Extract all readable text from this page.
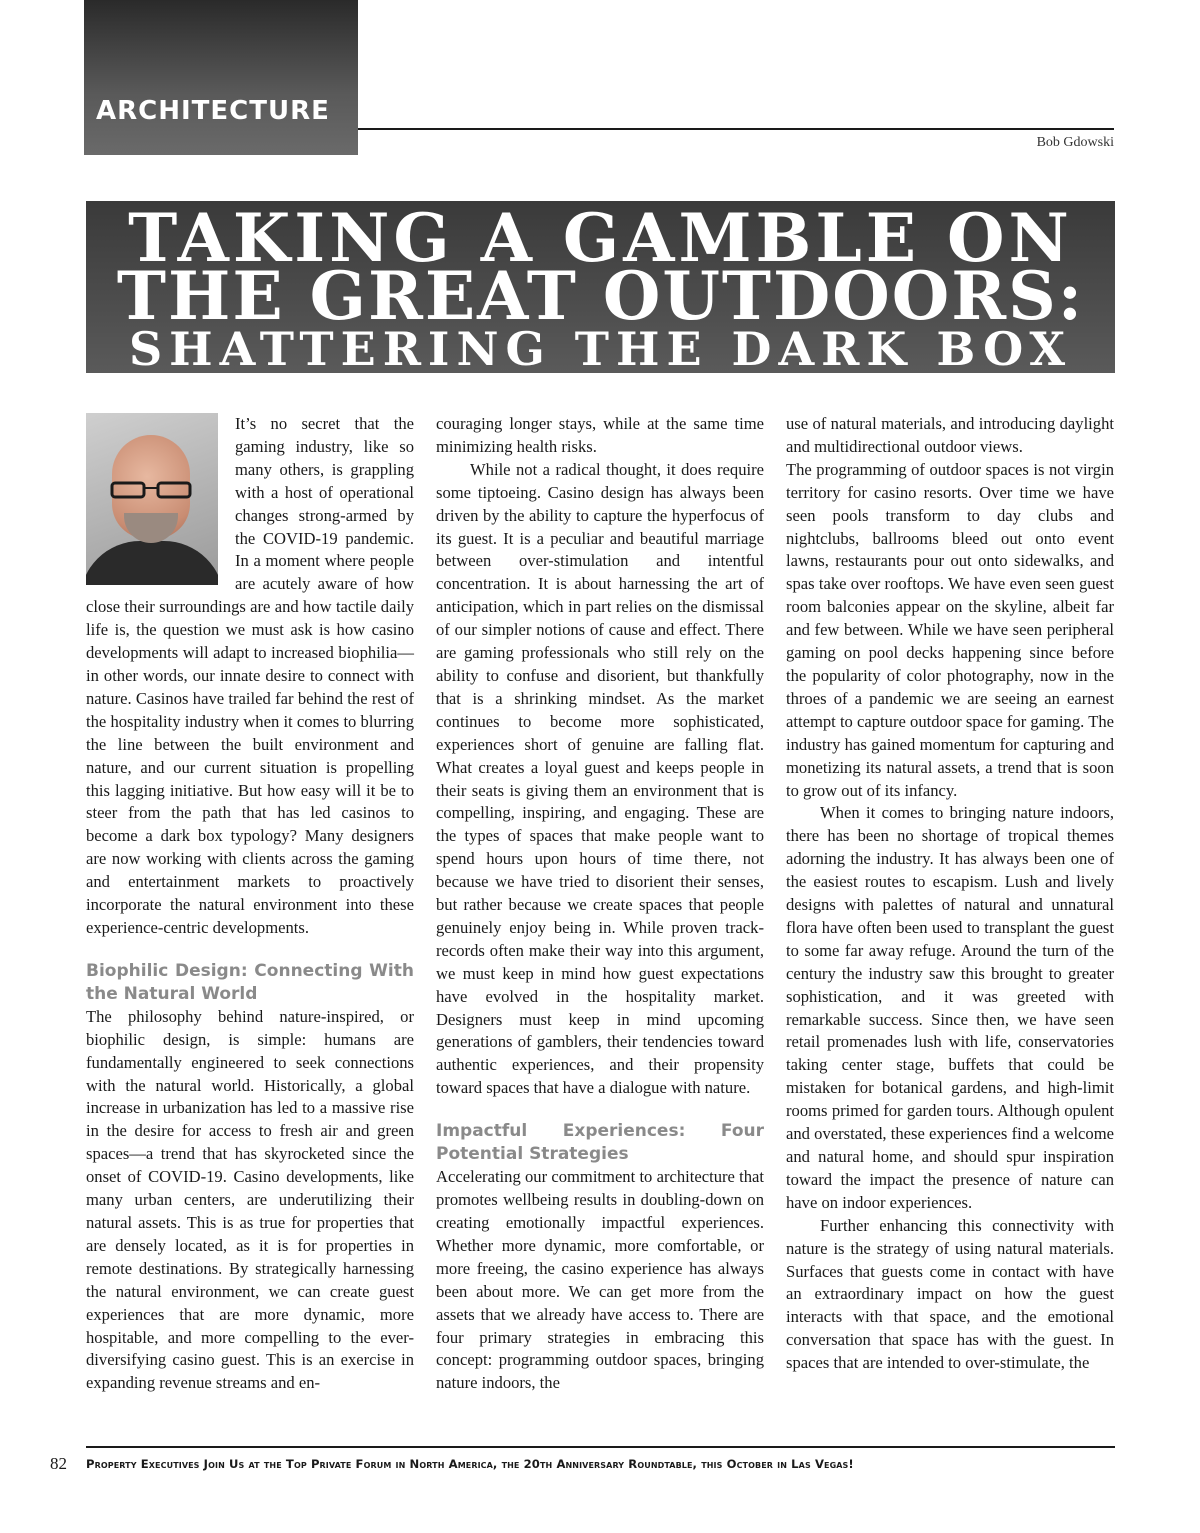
ARCHITECTURE
Bob Gdowski
TAKING A GAMBLE ON
THE GREAT OUTDOORS:
SHATTERING THE DARK BOX

It’s no secret that the gaming industry, like so many others, is grappling with a host of operational changes strong-armed by the COVID-19 pandemic. In a moment where people are acutely aware of how close their surroundings are and how tactile daily life is, the question we must ask is how casino developments will adapt to increased biophilia—in other words, our innate desire to connect with nature. Casinos have trailed far behind the rest of the hospitality industry when it comes to blurring the line between the built environment and nature, and our current situation is propelling this lagging initiative. But how easy will it be to steer from the path that has led casinos to become a dark box typology? Many designers are now working with clients across the gaming and entertainment markets to proactively incorporate the natural environment into these experience-centric developments.

Biophilic Design: Connecting With the Natural World

The philosophy behind nature-inspired, or biophilic design, is simple: humans are fundamentally engineered to seek connections with the natural world. Historically, a global increase in urbanization has led to a massive rise in the desire for access to fresh air and green spaces—a trend that has skyrocketed since the onset of COVID-19. Casino developments, like many urban centers, are underutilizing their natural assets. This is as true for properties that are densely located, as it is for properties in remote destinations. By strategically harnessing the natural environment, we can create guest experiences that are more dynamic, more hospitable, and more compelling to the ever-diversifying casino guest. This is an exercise in expanding revenue streams and en-

couraging longer stays, while at the same time minimizing health risks.

While not a radical thought, it does require some tiptoeing. Casino design has always been driven by the ability to capture the hyperfocus of its guest. It is a peculiar and beautiful marriage between over-stimulation and intentful concentration. It is about harnessing the art of anticipation, which in part relies on the dismissal of our simpler notions of cause and effect. There are gaming professionals who still rely on the ability to confuse and disorient, but thankfully that is a shrinking mindset. As the market continues to become more sophisticated, experiences short of genuine are falling flat. What creates a loyal guest and keeps people in their seats is giving them an environment that is compelling, inspiring, and engaging. These are the types of spaces that make people want to spend hours upon hours of time there, not because we have tried to disorient their senses, but rather because we create spaces that people genuinely enjoy being in. While proven track-records often make their way into this argument, we must keep in mind how guest expectations have evolved in the hospitality market. Designers must keep in mind upcoming generations of gamblers, their tendencies toward authentic experiences, and their propensity toward spaces that have a dialogue with nature.

Impactful Experiences: Four Potential Strategies

Accelerating our commitment to architecture that promotes wellbeing results in doubling-down on creating emotionally impactful experiences. Whether more dynamic, more comfortable, or more freeing, the casino experience has always been about more. We can get more from the assets that we already have access to. There are four primary strategies in embracing this concept: programming outdoor spaces, bringing nature indoors, the

use of natural materials, and introducing daylight and multidirectional outdoor views.

The programming of outdoor spaces is not virgin territory for casino resorts. Over time we have seen pools transform to day clubs and nightclubs, ballrooms bleed out onto event lawns, restaurants pour out onto sidewalks, and spas take over rooftops. We have even seen guest room balconies appear on the skyline, albeit far and few between. While we have seen peripheral gaming on pool decks happening since before the popularity of color photography, now in the throes of a pandemic we are seeing an earnest attempt to capture outdoor space for gaming. The industry has gained momentum for capturing and monetizing its natural assets, a trend that is soon to grow out of its infancy.

When it comes to bringing nature indoors, there has been no shortage of tropical themes adorning the industry. It has always been one of the easiest routes to escapism. Lush and lively designs with palettes of natural and unnatural flora have often been used to transplant the guest to some far away refuge. Around the turn of the century the industry saw this brought to greater sophistication, and it was greeted with remarkable success. Since then, we have seen retail promenades lush with life, conservatories taking center stage, buffets that could be mistaken for botanical gardens, and high-limit rooms primed for garden tours. Although opulent and overstated, these experiences find a welcome and natural home, and should spur inspiration toward the impact the presence of nature can have on indoor experiences.

Further enhancing this connectivity with nature is the strategy of using natural materials. Surfaces that guests come in contact with have an extraordinary impact on how the guest interacts with that space, and the emotional conversation that space has with the guest. In spaces that are intended to over-stimulate, the

82 Property Executives Join Us at the Top Private Forum in North America, the 20th Anniversary Roundtable, this October in Las Vegas!
